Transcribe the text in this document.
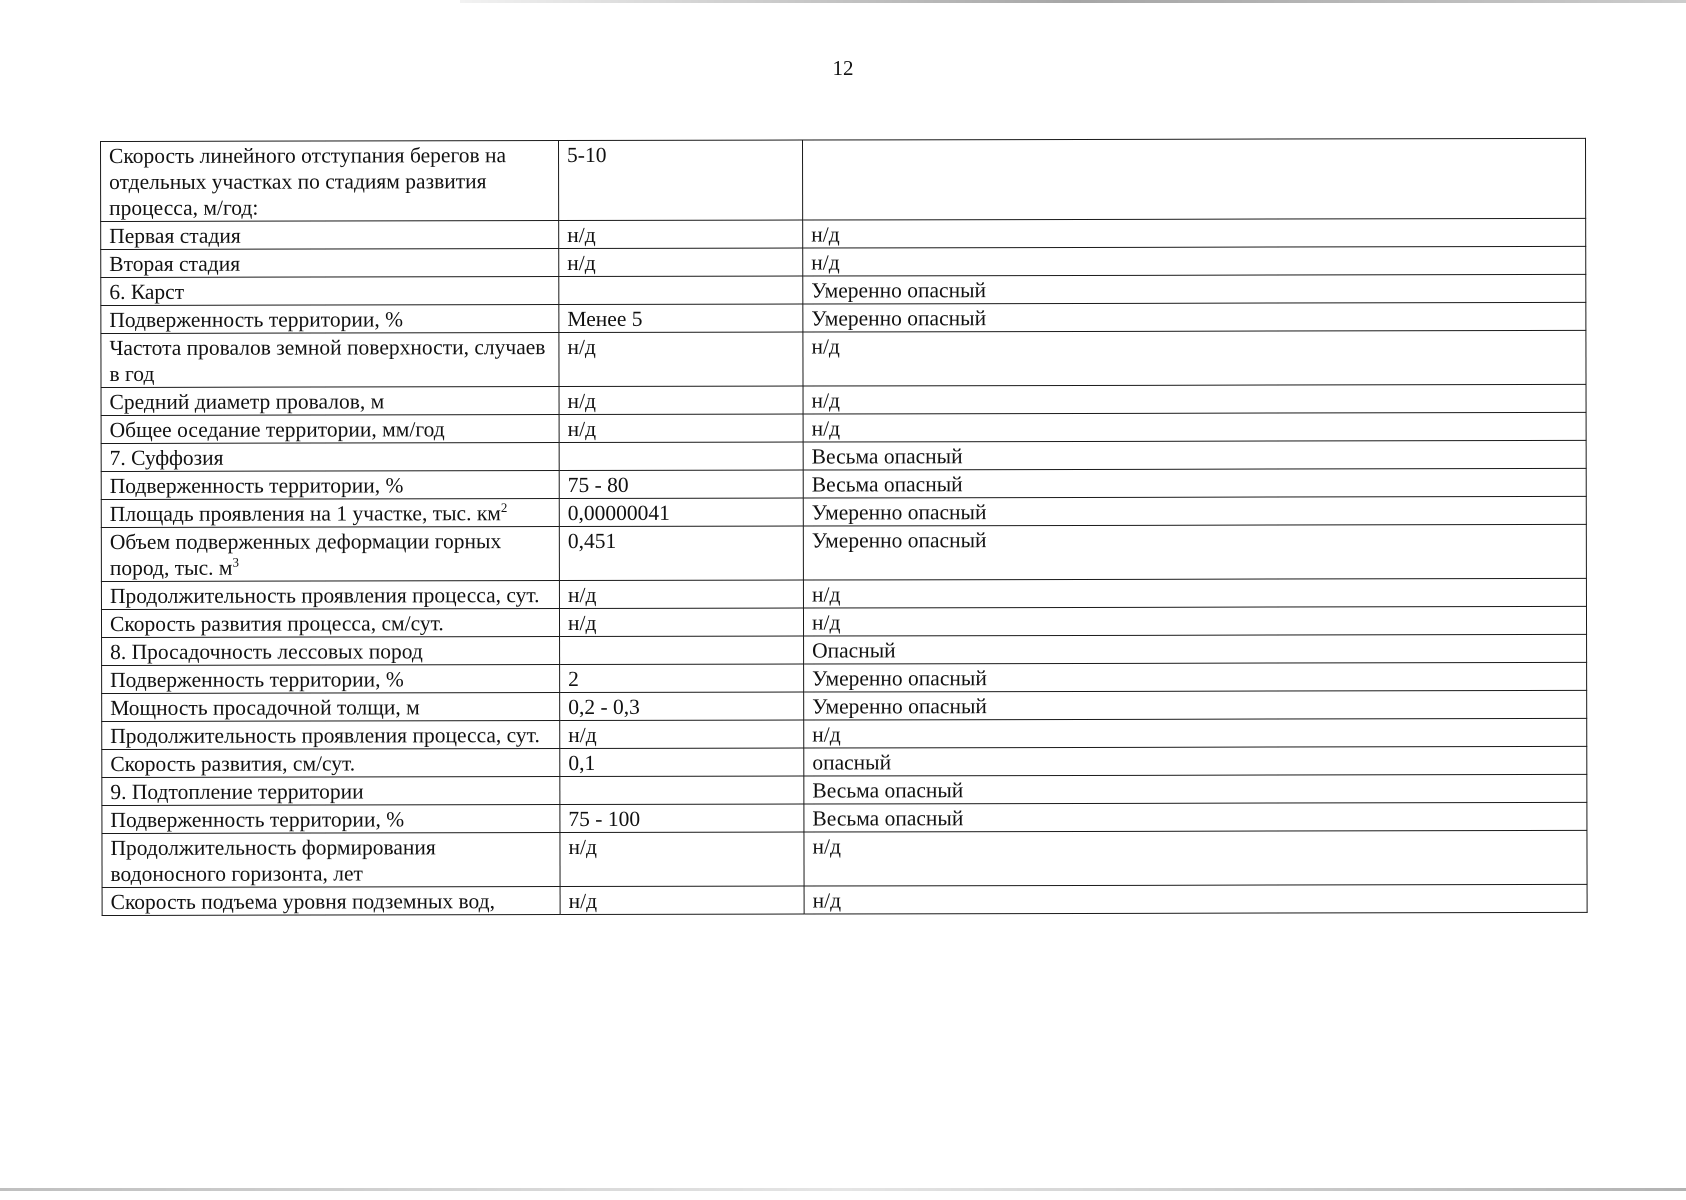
12
Скорость линейного отступания берегов на отдельных участках по стадиям развития процесса, м/год:	5-10	
Первая стадия	н/д	н/д
Вторая стадия	н/д	н/д
6. Карст		Умеренно опасный
Подверженность территории, %	Менее 5	Умеренно опасный
Частота провалов земной поверхности, случаев в год	н/д	н/д
Средний диаметр провалов, м	н/д	н/д
Общее оседание территории, мм/год	н/д	н/д
7. Суффозия		Весьма опасный
Подверженность территории, %	75 - 80	Весьма опасный
Площадь проявления на 1 участке, тыс. $км^2$	0,00000041	Умеренно опасный
Объем подверженных деформации горных пород, тыс. $м^3$	0,451	Умеренно опасный
Продолжительность проявления процесса, сут.	н/д	н/д
Скорость развития процесса, см/сут.	н/д	н/д
8. Просадочность лессовых пород		Опасный
Подверженность территории, %	2	Умеренно опасный
Мощность просадочной толщи, м	0,2 - 0,3	Умеренно опасный
Продолжительность проявления процесса, сут.	н/д	н/д
Скорость развития, см/сут.	0,1	опасный
9. Подтопление территории		Весьма опасный
Подверженность территории, %	75 - 100	Весьма опасный
Продолжительность формирования водоносного горизонта, лет	н/д	н/д
Скорость подъема уровня подземных вод,	н/д	н/д
